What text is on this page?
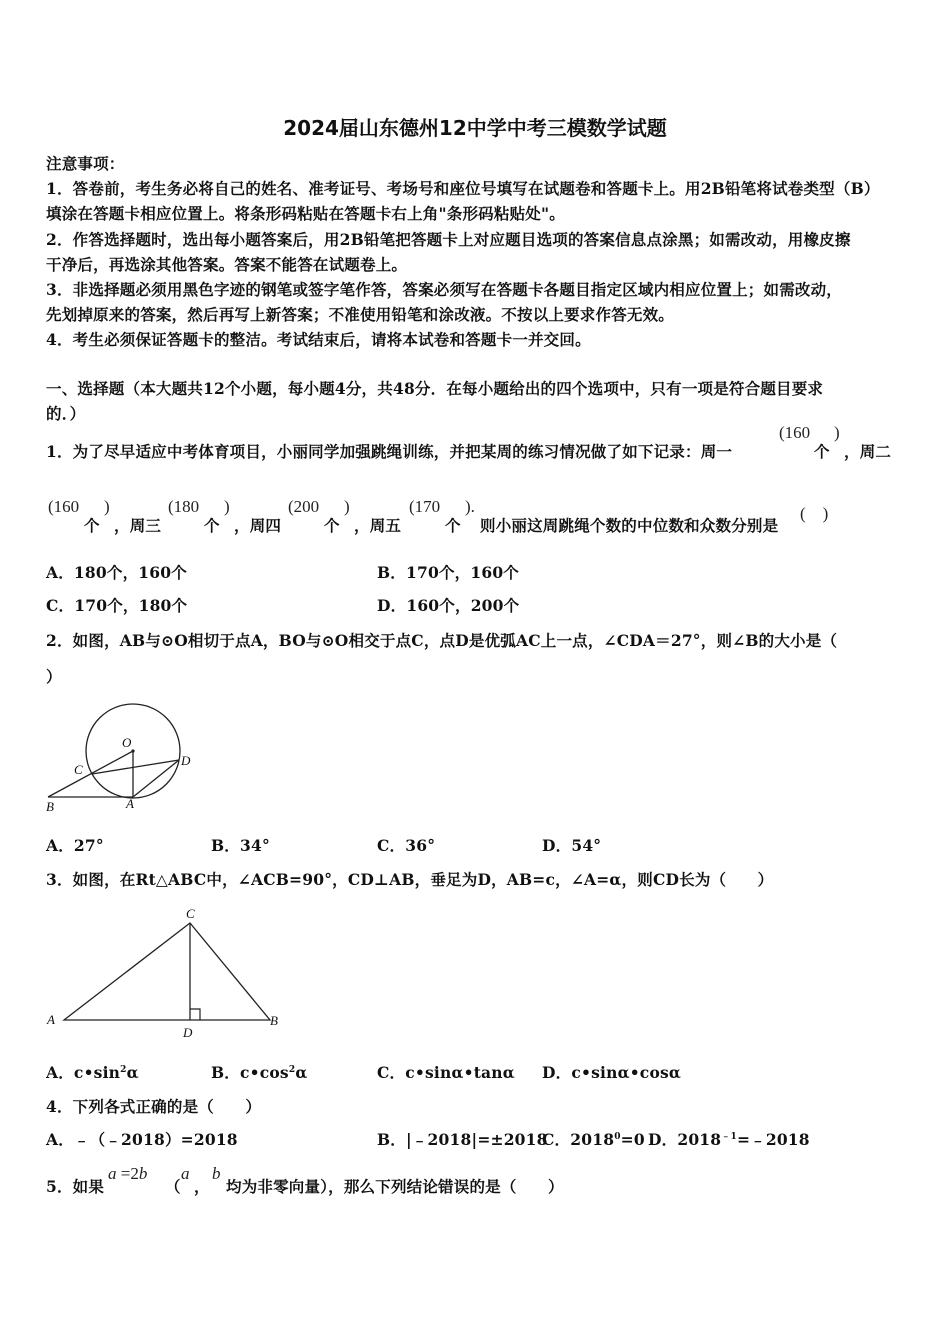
2024届山东德州12中学中考三模数学试题
注意事项：
1．答卷前，考生务必将自己的姓名、准考证号、考场号和座位号填写在试题卷和答题卡上。用2B铅笔将试卷类型（B）
填涂在答题卡相应位置上。将条形码粘贴在答题卡右上角"条形码粘贴处"。
2．作答选择题时，选出每小题答案后，用2B铅笔把答题卡上对应题目选项的答案信息点涂黑；如需改动，用橡皮擦
干净后，再选涂其他答案。答案不能答在试题卷上。
3．非选择题必须用黑色字迹的钢笔或签字笔作答，答案必须写在答题卡各题目指定区域内相应位置上；如需改动，
先划掉原来的答案，然后再写上新答案；不准使用铅笔和涂改液。不按以上要求作答无效。
4．考生必须保证答题卡的整洁。考试结束后，请将本试卷和答题卡一并交回。
一、选择题（本大题共12个小题，每小题4分，共48分．在每小题给出的四个选项中，只有一项是符合题目要求
的．）
1．为了尽早适应中考体育项目，小丽同学加强跳绳训练，并把某周的练习情况做了如下记录：周一
(160
个
)
，周二
(160
个
)
，周三
(180
个
)
，周四
(200
个
)
，周五
(170
个
).
则小丽这周跳绳个数的中位数和众数分别是
(　)
A．180个，160个	B．170个，160个
C．170个，180个	D．160个，200个
2．如图，AB与⊙O相切于点A，BO与⊙O相交于点C，点D是优弧AC上一点，∠CDA＝27°，则∠B的大小是（
）
O
C
D
B	A
A．27°	B．34°	C．36°	D．54°
3．如图，在Rt△ABC中，∠ACB=90°，CD⊥AB，垂足为D，AB=c，∠A=α，则CD长为（　　）
C
A
D
B
A．$c•\sin^2\alpha$	B．$c•\cos^2\alpha$	C．c•sinα•tanα D．c•sinα•cosα
4．下列各式正确的是（　　）
A．﹣（﹣2018）=2018	B．|﹣2018|=±2018
C．$2018^0=0$ D．$2018^{﹣1}=﹣2018$
5．如果
a =2b
（
a
，
b
均为非零向量），那么下列结论错误的是（　　）
